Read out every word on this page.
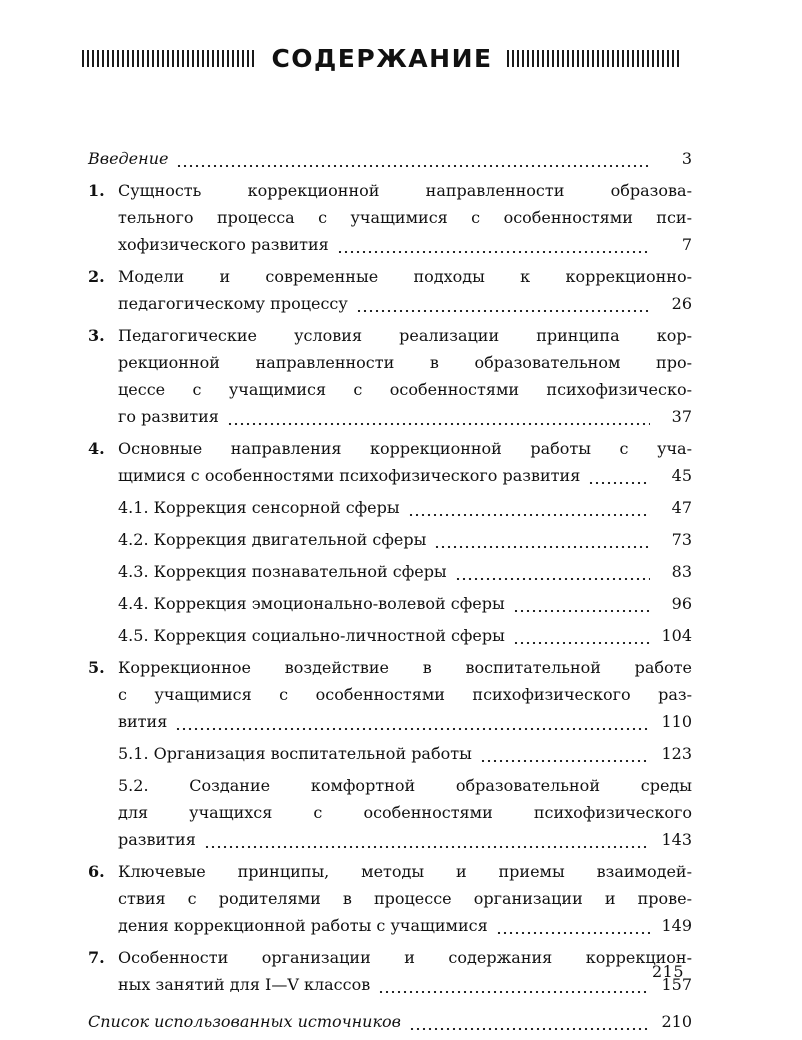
СОДЕРЖАНИЕ
Введение	3
1. Сущность коррекционной направленности образова-
тельного процесса с учащимися с особенностями пси-
хофизического развития	7
2. Модели и современные подходы к коррекционно-
педагогическому процессу	26
3. Педагогические условия реализации принципа кор-
рекционной направленности в образовательном про-
цессе с учащимися с особенностями психофизическо-
го развития	37
4. Основные направления коррекционной работы с уча-
щимися с особенностями психофизического развития	45
4.1. Коррекция сенсорной сферы	47
4.2. Коррекция двигательной сферы	73
4.3. Коррекция познавательной сферы	83
4.4. Коррекция эмоционально-волевой сферы	96
4.5. Коррекция социально-личностной сферы	104
5. Коррекционное воздействие в воспитательной работе
с учащимися с особенностями психофизического раз-
вития	110
5.1. Организация воспитательной работы	123
5.2. Создание комфортной образовательной среды
для учащихся с особенностями психофизического
развития	143
6. Ключевые принципы, методы и приемы взаимодей-
ствия с родителями в процессе организации и прове-
дения коррекционной работы с учащимися	149
7. Особенности организации и содержания коррекцион-
ных занятий для I—V классов	157
Список использованных источников	210
215
